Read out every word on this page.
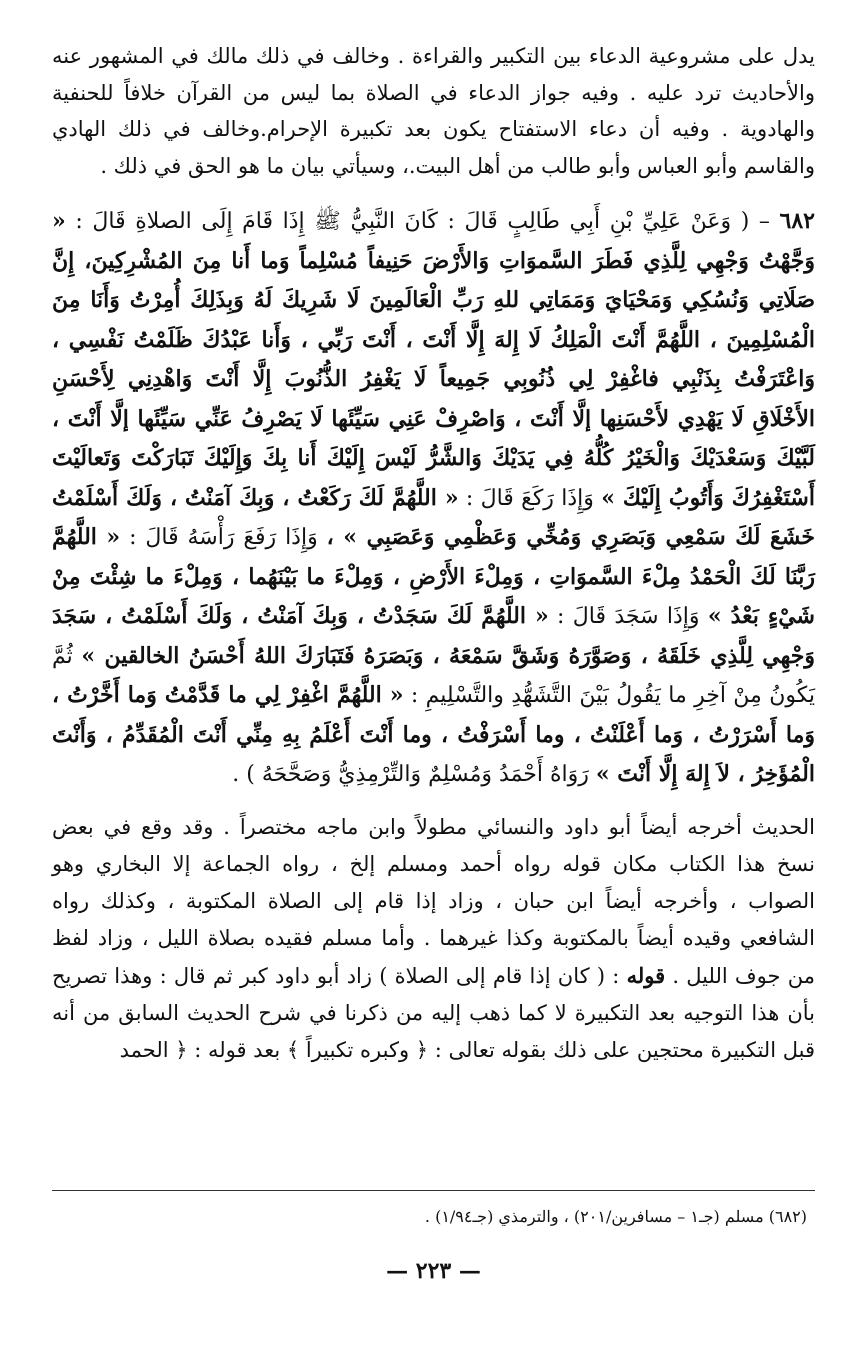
يدل على مشروعية الدعاء بين التكبير والقراءة . وخالف في ذلك مالك في المشهور عنه والأحاديث ترد عليه . وفيه جواز الدعاء في الصلاة بما ليس من القرآن خلافاً للحنفية والهادوية . وفيه أن دعاء الاستفتاح يكون بعد تكبيرة الإحرام.وخالف في ذلك الهادي والقاسم وأبو العباس وأبو طالب من أهل البيت.، وسيأتي بيان ما هو الحق في ذلك .

٦٨٢ – ( وَعَنْ عَلِيِّ بْنِ أَبِي طَالِبٍ قَالَ : كَانَ النَّبِيُّ ﷺ إِذَا قَامَ إِلَى الصلاةِ قَالَ : « وَجَّهْتُ وَجْهِي لِلَّذِي فَطَرَ السَّموَاتِ وَالأَرْضَ حَنِيفاً مُسْلِماً وَما أَنا مِنَ المُشْرِكِينَ، إِنَّ صَلَاتِي وَنُسُكِي وَمَحْيَايَ وَمَمَاتِي للهِ رَبِّ الْعَالَمِينَ لَا شَرِيكَ لَهُ وَبِذَلِكَ أُمِرْتُ وَأَنَا مِنَ الْمُسْلِمِينَ ، اللَّهُمَّ أَنْتَ الْمَلِكُ لَا إِلهَ إِلَّا أَنْتَ ، أَنْتَ رَبِّي ، وَأَنا عَبْدُكَ ظَلَمْتُ نَفْسِي ، وَاعْتَرَفْتُ بِذَنْبِي فاغْفِرْ لِي ذُنُوبِي جَمِيعاً لَا يَغْفِرُ الذُّنُوبَ إِلَّا أَنْتَ وَاهْدِنِي لِأَحْسَنِ الأَخْلَاقِ لَا يَهْدِي لأَحْسَنِها إلَّا أَنْتَ ، وَاصْرِفْ عَنِي سَيِّئَها لَا يَصْرِفُ عَنِّي سَيِّئَها إلَّا أَنْتَ ، لَبَّيْكَ وَسَعْدَيْكَ وَالْخَيْرُ كُلُّهُ فِي يَدَيْكَ وَالشَّرُّ لَيْسَ إِلَيْكَ أَنا بِكَ وَإِلَيْكَ تَبَارَكْتَ وَتَعالَيْتَ أَسْتَغْفِرُكَ وَأَتُوبُ إِلَيْكَ » وَإِذَا رَكَعَ قَالَ : « اللَّهُمَّ لَكَ رَكَعْتُ ، وَبِكَ آمَنْتُ ، وَلَكَ أَسْلَمْتُ خَشَعَ لَكَ سَمْعِي وَبَصَرِي وَمُخِّي وَعَظْمِي وَعَصَبِي » ، وَإِذَا رَفَعَ رَأْسَهُ قَالَ : « اللَّهُمَّ رَبَّنَا لَكَ الْحَمْدُ مِلْءَ السَّموَاتِ ، وَمِلْءَ الأَرْضِ ، وَمِلْءَ ما بَيْنَهُما ، وَمِلْءَ ما شِئْتَ مِنْ شَيْءٍ بَعْدُ » وَإِذَا سَجَدَ قَالَ : « اللَّهُمَّ لَكَ سَجَدْتُ ، وَبِكَ آمَنْتُ ، وَلَكَ أَسْلَمْتُ ، سَجَدَ وَجْهِي لِلَّذِي خَلَقَهُ ، وَصَوَّرَهُ وَشَقَّ سَمْعَهُ ، وَبَصَرَهُ فَتَبَارَكَ اللهُ أَحْسَنُ الخالقين » ثُمَّ يَكُونُ مِنْ آخِرِ ما يَقُولُ بَيْنَ التَّشَهُّدِ والتَّسْلِيمِ : « اللَّهُمَّ اغْفِرْ لِي ما قَدَّمْتُ وَما أَخَّرْتُ ، وَما أَسْرَرْتُ ، وَما أَعْلَنْتُ ، وما أَسْرَفْتُ ، وما أَنْتَ أَعْلَمُ بِهِ مِنِّي أَنْتَ الْمُقَدِّمُ ، وَأَنْتَ الْمُؤَخِرُ ، لاَ إِلهَ إِلَّا أَنْتَ » رَوَاهُ أَحْمَدُ وَمُسْلِمٌ وَالتِّرْمِذِيُّ وَصَحَّحَهُ ) .

الحديث أخرجه أيضاً أبو داود والنسائي مطولاً وابن ماجه مختصراً . وقد وقع في بعض نسخ هذا الكتاب مكان قوله رواه أحمد ومسلم إلخ ، رواه الجماعة إلا البخاري وهو الصواب ، وأخرجه أيضاً ابن حبان ، وزاد إذا قام إلى الصلاة المكتوبة ، وكذلك رواه الشافعي وقيده أيضاً بالمكتوبة وكذا غيرهما . وأما مسلم فقيده بصلاة الليل ، وزاد لفظ من جوف الليل . قوله : ( كان إذا قام إلى الصلاة ) زاد أبو داود كبر ثم قال : وهذا تصريح بأن هذا التوجيه بعد التكبيرة لا كما ذهب إليه من ذكرنا في شرح الحديث السابق من أنه قبل التكبيرة محتجين على ذلك بقوله تعالى : ﴿ وكبره تكبيراً ﴾ بعد قوله : ﴿ الحمد

(٦٨٢) مسلم (جـ١ – مسافرين/٢٠١) ، والترمذي (جـ١/٩٤) .
— ٢٢٣ —
